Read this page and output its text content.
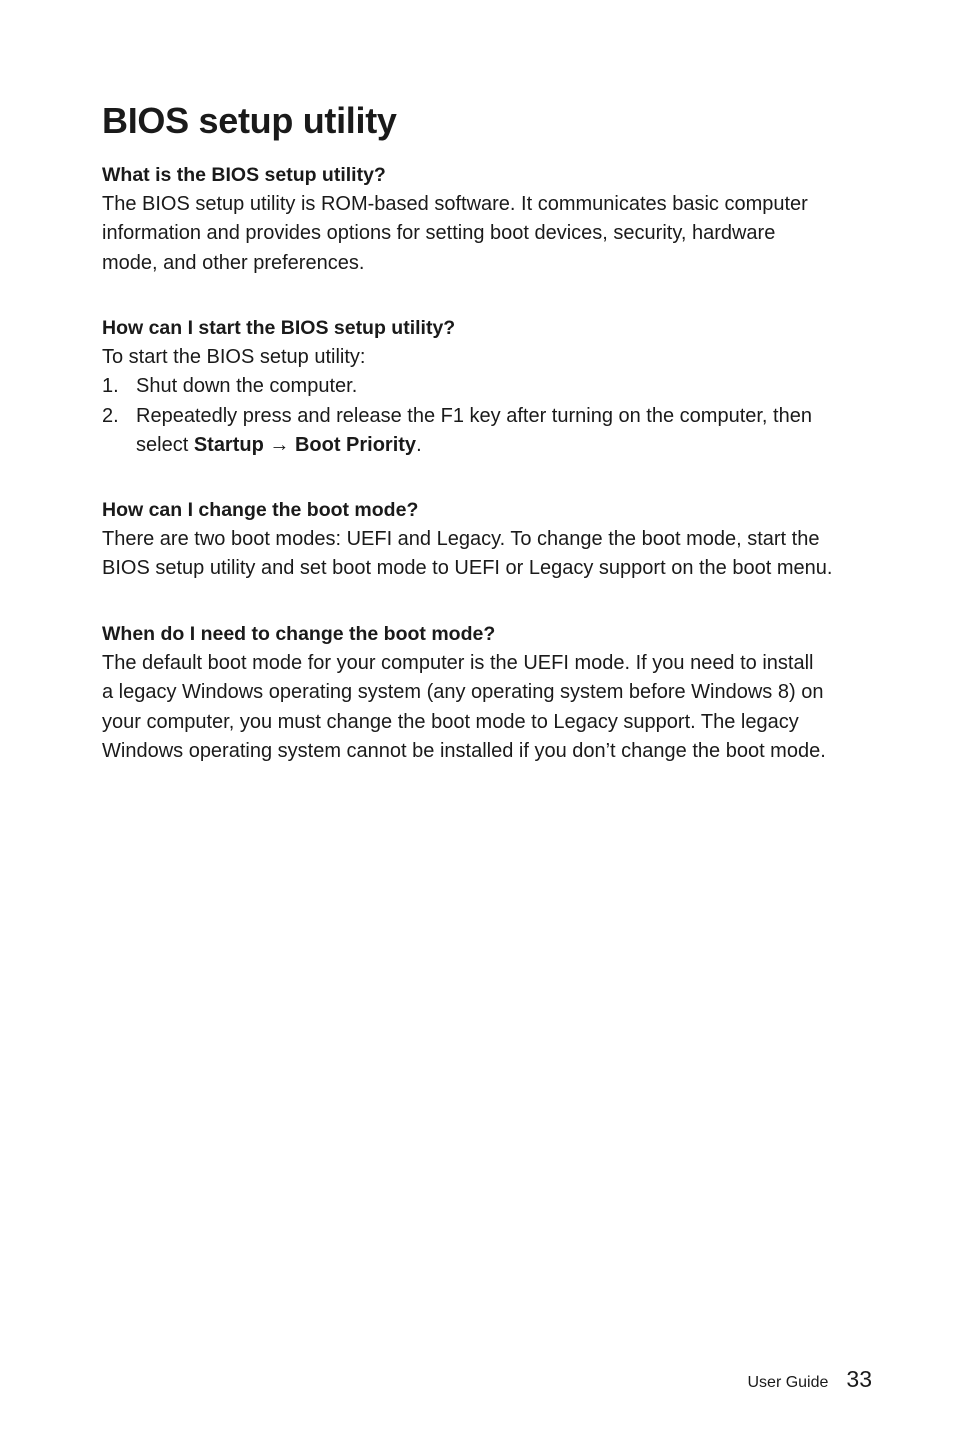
BIOS setup utility

What is the BIOS setup utility?

The BIOS setup utility is ROM-based software. It communicates basic computer

information and provides options for setting boot devices, security, hardware

mode, and other preferences.

How can I start the BIOS setup utility?

To start the BIOS setup utility:

1. Shut down the computer.
2. Repeatedly press and release the F1 key after turning on the computer, then
select Startup → Boot Priority.

How can I change the boot mode?

There are two boot modes: UEFI and Legacy. To change the boot mode, start the

BIOS setup utility and set boot mode to UEFI or Legacy support on the boot menu.

When do I need to change the boot mode?

The default boot mode for your computer is the UEFI mode. If you need to install

a legacy Windows operating system (any operating system before Windows 8) on

your computer, you must change the boot mode to Legacy support. The legacy

Windows operating system cannot be installed if you don’t change the boot mode.

User Guide 33
